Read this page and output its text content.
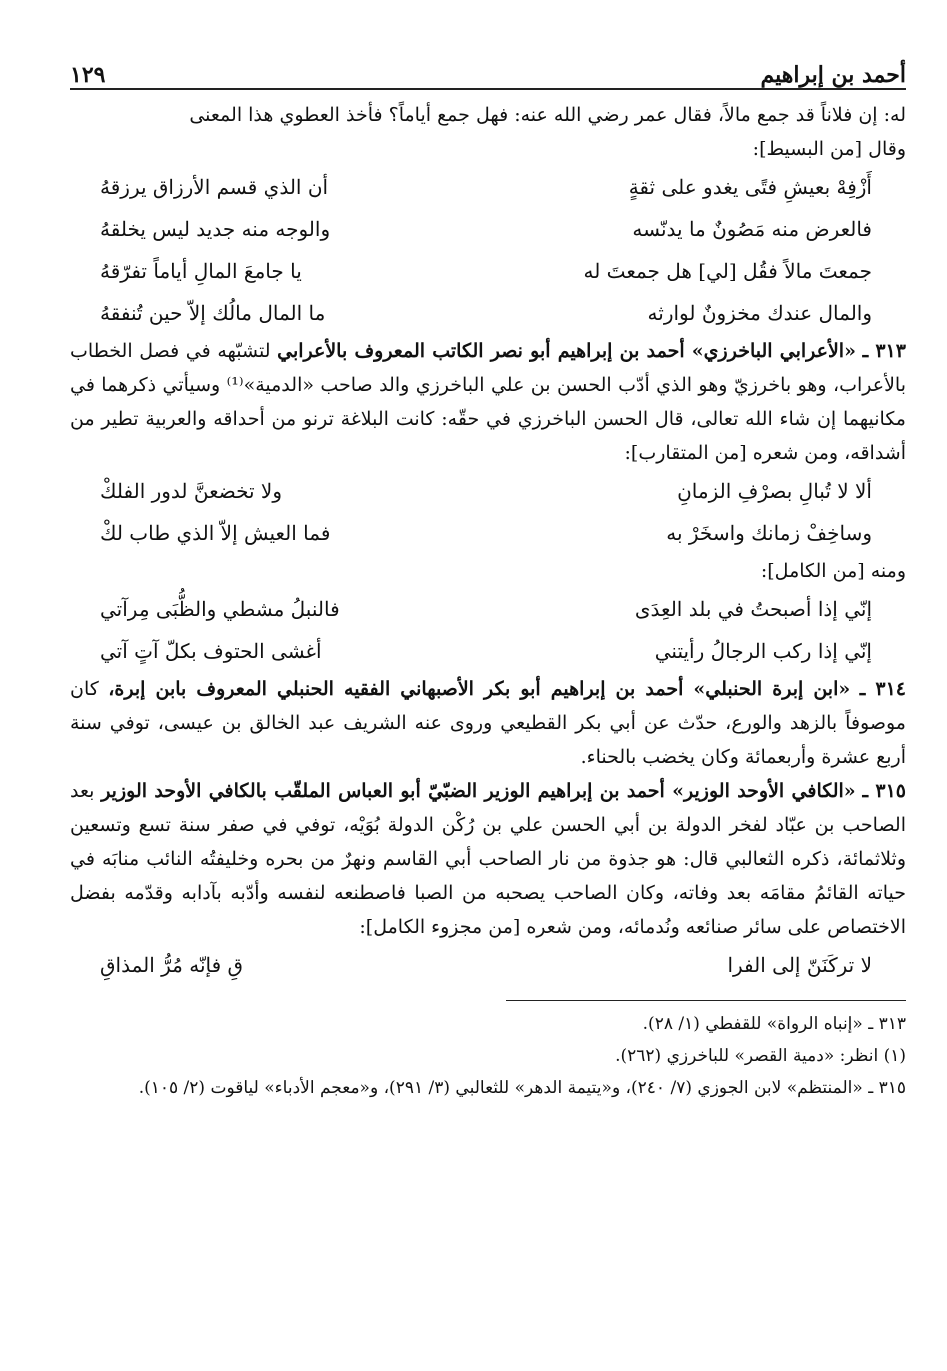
أحمد بن إبراهيم
١٢٩

له: إن فلاناً قد جمع مالاً، فقال عمر رضي الله عنه: فهل جمع أياماً؟ فأخذ العطوي هذا المعنى

وقال [من البسيط]:

أَزْفِهْ بعيشِ فتًى يغدو على ثقةٍ
أن الذي قسم الأرزاق يرزقهُ
فالعرض منه مَصُونٌ ما يدنّسه
والوجه منه جديد ليس يخلقهُ
جمعتَ مالاً فقُل [لي] هل جمعتَ له
يا جامعَ المالِ أياماً تفرّقهُ
والمال عندك مخزونٌ لوارثه
ما المال مالُك إلاّ حين تُنفقهُ

٣١٣ ـ «الأعرابي الباخرزي» أحمد بن إبراهيم أبو نصر الكاتب المعروف بالأعرابي لتشبّهه في فصل الخطاب بالأعراب، وهو باخرزيّ وهو الذي أدّب الحسن بن علي الباخرزي والد صاحب «الدمية»⁽¹⁾ وسيأتي ذكرهما في مكانيهما إن شاء الله تعالى، قال الحسن الباخرزي في حقّه: كانت البلاغة ترنو من أحداقه والعربية تطير من أشداقه، ومن شعره [من المتقارب]:

ألا لا تُبالِ بصرْفِ الزمانِ
ولا تخضعنَّ لدور الفلكْ
وساخِفْ زمانك واسخَرْ به
فما العيش إلاّ الذي طاب لكْ

ومنه [من الكامل]:

إنّي إذا أصبحتُ في بلد العِدَى
فالنبلُ مشطي والظُّبَى مِرآتي
إنّي إذا ركب الرجالُ رأيتني
أغشى الحتوف بكلّ آتٍ آتي

٣١٤ ـ «ابن إبرة الحنبلي» أحمد بن إبراهيم أبو بكر الأصبهاني الفقيه الحنبلي المعروف بابن إبرة، كان موصوفاً بالزهد والورع، حدّث عن أبي بكر القطيعي وروى عنه الشريف عبد الخالق بن عيسى، توفي سنة أربع عشرة وأربعمائة وكان يخضب بالحناء.

٣١٥ ـ «الكافي الأوحد الوزير» أحمد بن إبراهيم الوزير الضبّيّ أبو العباس الملقّب بالكافي الأوحد الوزير بعد الصاحب بن عبّاد لفخر الدولة بن أبي الحسن علي بن رُكْن الدولة بُوَيْه، توفي في صفر سنة تسع وتسعين وثلاثمائة، ذكره الثعالبي قال: هو جذوة من نار الصاحب أبي القاسم ونهرٌ من بحره وخليفتُه النائب منابَه في حياته القائمُ مقامَه بعد وفاته، وكان الصاحب يصحبه من الصبا فاصطنعه لنفسه وأدّبه بآدابه وقدّمه بفضل الاختصاص على سائر صنائعه ونُدمائه، ومن شعره [من مجزوء الكامل]:

لا تركَنَنّ إلى الفرا
قِ فإنّه مُرُّ المذاقِ

٣١٣ ـ «إنباه الرواة» للقفطي (١/ ٢٨).

(١) انظر: «دمية القصر» للباخرزي (٢٦٢).

٣١٥ ـ «المنتظم» لابن الجوزي (٧/ ٢٤٠)، و«يتيمة الدهر» للثعالبي (٣/ ٢٩١)، و«معجم الأدباء» لياقوت (٢/ ١٠٥).
